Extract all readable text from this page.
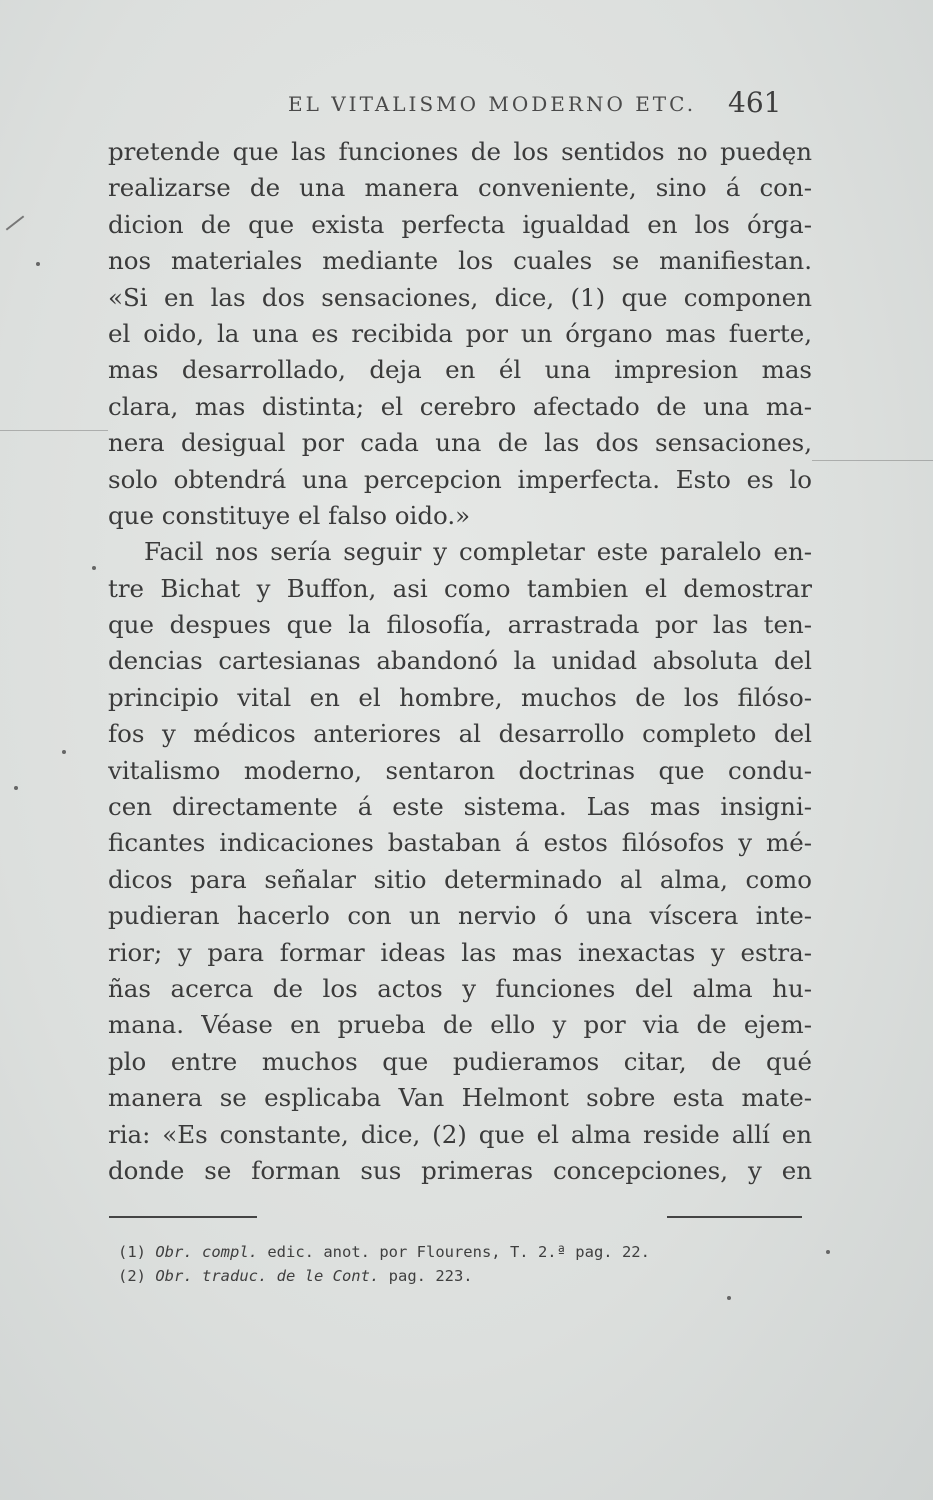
EL VITALISMO MODERNO ETC. 461
pretende que las funciones de los sentidos no puedęn
realizarse de una manera conveniente, sino á con-
dicion de que exista perfecta igualdad en los órga-
nos materiales mediante los cuales se manifiestan.
«Si en las dos sensaciones, dice, (1) que componen
el oido, la una es recibida por un órgano mas fuerte,
mas desarrollado, deja en él una impresion mas
clara, mas distinta; el cerebro afectado de una ma-
nera desigual por cada una de las dos sensaciones,
solo obtendrá una percepcion imperfecta. Esto es lo
que constituye el falso oido.»
Facil nos sería seguir y completar este paralelo en-
tre Bichat y Buffon, asi como tambien el demostrar
que despues que la filosofía, arrastrada por las ten-
dencias cartesianas abandonó la unidad absoluta del
principio vital en el hombre, muchos de los filóso-
fos y médicos anteriores al desarrollo completo del
vitalismo moderno, sentaron doctrinas que condu-
cen directamente á este sistema. Las mas insigni-
ficantes indicaciones bastaban á estos filósofos y mé-
dicos para señalar sitio determinado al alma, como
pudieran hacerlo con un nervio ó una víscera inte-
rior; y para formar ideas las mas inexactas y estra-
ñas acerca de los actos y funciones del alma hu-
mana. Véase en prueba de ello y por via de ejem-
plo entre muchos que pudieramos citar, de qué
manera se esplicaba Van Helmont sobre esta mate-
ria: «Es constante, dice, (2) que el alma reside allí en
donde se forman sus primeras concepciones, y en
(1) Obr. compl. edic. anot. por Flourens, T. 2.ª pag. 22.
(2) Obr. traduc. de le Cont. pag. 223.
